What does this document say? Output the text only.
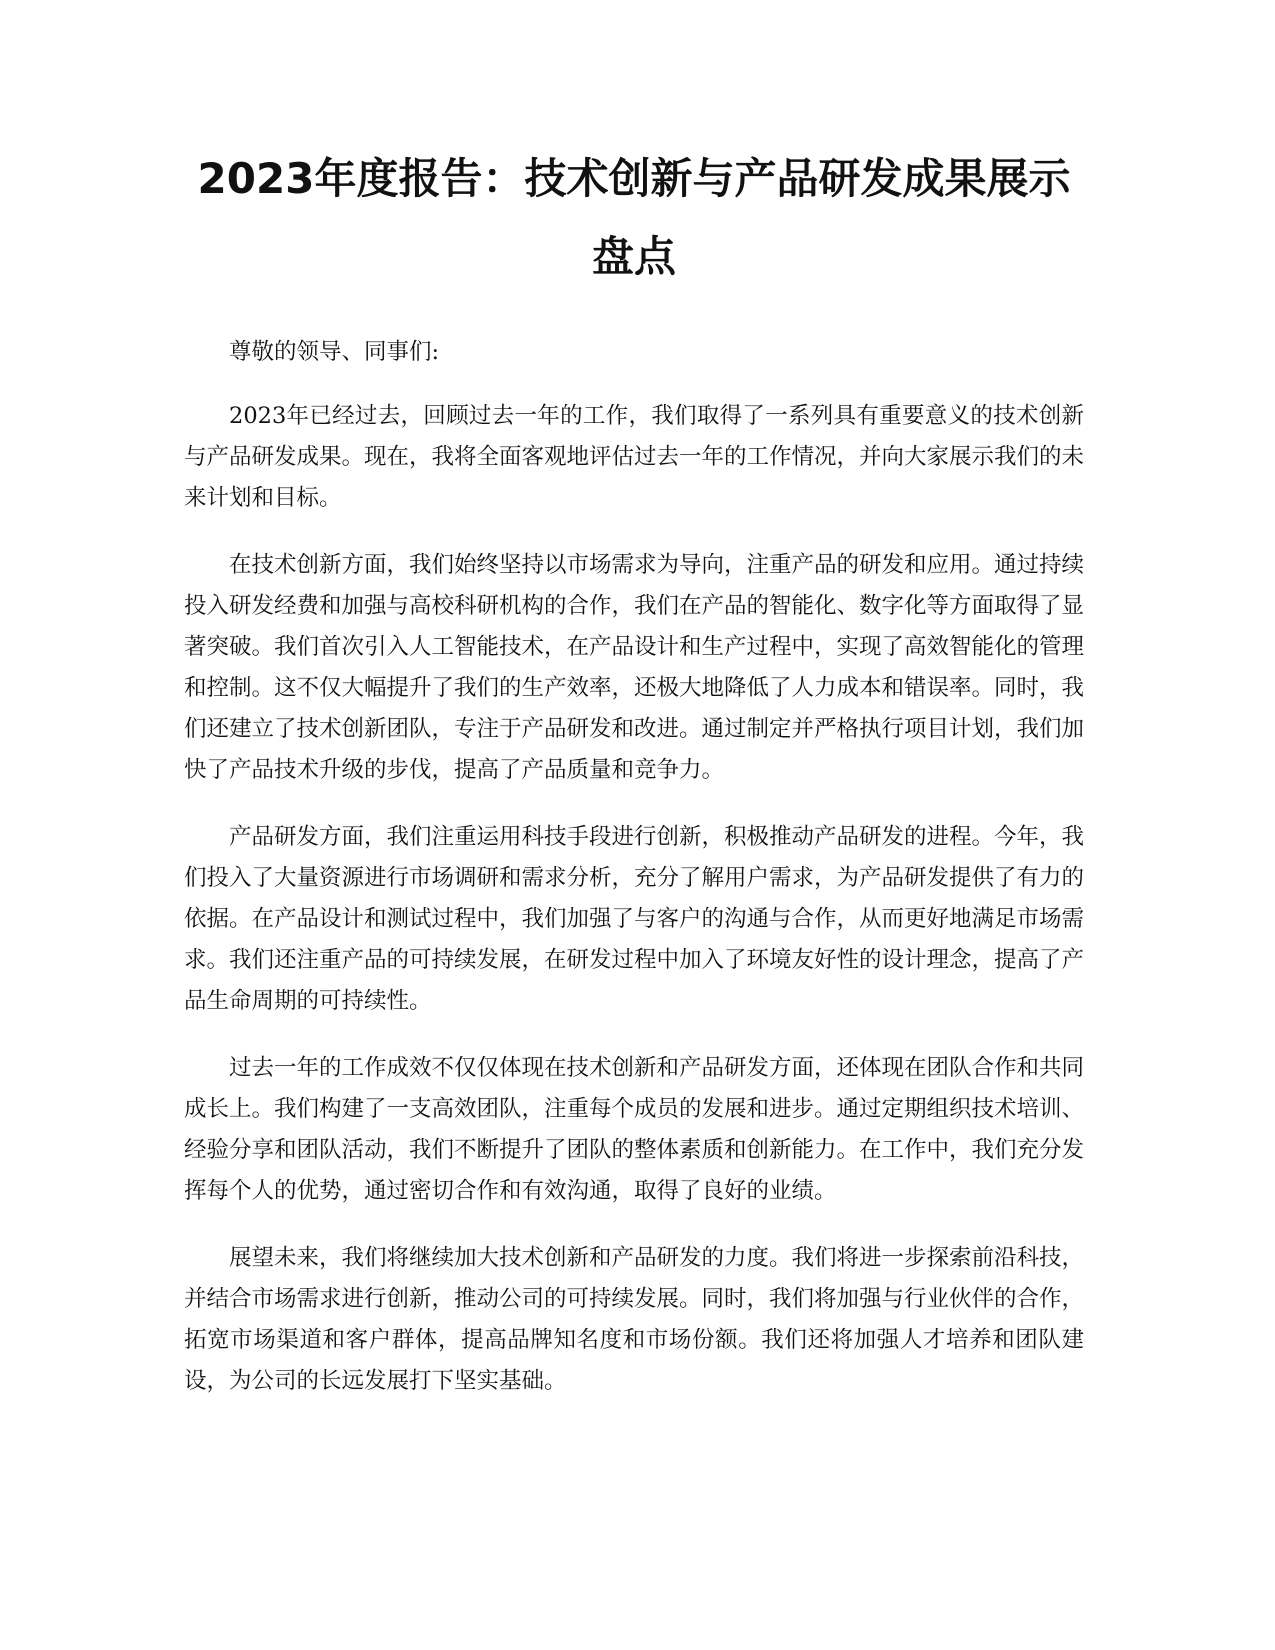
2023年度报告：技术创新与产品研发成果展示盘点

尊敬的领导、同事们:

2023年已经过去，回顾过去一年的工作，我们取得了一系列具有重要意义的技术创新与产品研发成果。现在，我将全面客观地评估过去一年的工作情况，并向大家展示我们的未来计划和目标。

在技术创新方面，我们始终坚持以市场需求为导向，注重产品的研发和应用。通过持续投入研发经费和加强与高校科研机构的合作，我们在产品的智能化、数字化等方面取得了显著突破。我们首次引入人工智能技术，在产品设计和生产过程中，实现了高效智能化的管理和控制。这不仅大幅提升了我们的生产效率，还极大地降低了人力成本和错误率。同时，我们还建立了技术创新团队，专注于产品研发和改进。通过制定并严格执行项目计划，我们加快了产品技术升级的步伐，提高了产品质量和竞争力。

产品研发方面，我们注重运用科技手段进行创新，积极推动产品研发的进程。今年，我们投入了大量资源进行市场调研和需求分析，充分了解用户需求，为产品研发提供了有力的依据。在产品设计和测试过程中，我们加强了与客户的沟通与合作，从而更好地满足市场需求。我们还注重产品的可持续发展，在研发过程中加入了环境友好性的设计理念，提高了产品生命周期的可持续性。

过去一年的工作成效不仅仅体现在技术创新和产品研发方面，还体现在团队合作和共同成长上。我们构建了一支高效团队，注重每个成员的发展和进步。通过定期组织技术培训、经验分享和团队活动，我们不断提升了团队的整体素质和创新能力。在工作中，我们充分发挥每个人的优势，通过密切合作和有效沟通，取得了良好的业绩。

展望未来，我们将继续加大技术创新和产品研发的力度。我们将进一步探索前沿科技，并结合市场需求进行创新，推动公司的可持续发展。同时，我们将加强与行业伙伴的合作，拓宽市场渠道和客户群体，提高品牌知名度和市场份额。我们还将加强人才培养和团队建设，为公司的长远发展打下坚实基础。
